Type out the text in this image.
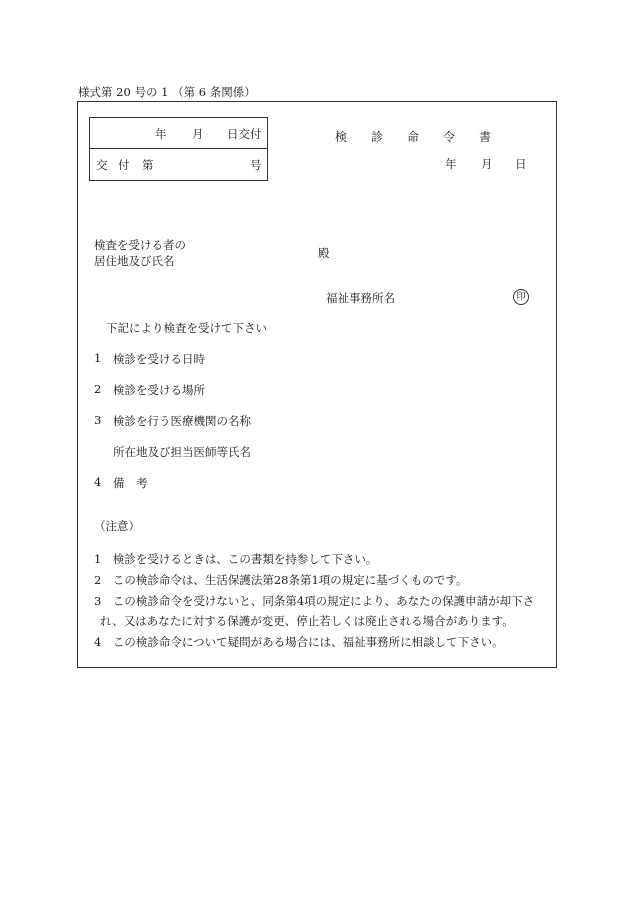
様式第 20 号の 1 （第 6 条関係）
年 月 日交付
交 付 第	号
検 診 命 令 書
年 月 日
検査を受ける者の
居住地及び氏名
殿
福祉事務所名	印
下記により検査を受けて下さい
1 検診を受ける日時
2 検診を受ける場所
3 検診を行う医療機関の名称
所在地及び担当医師等氏名
4 備　考
（注意）
1　検診を受けるときは、この書類を持参して下さい。
2　この検診命令は、生活保護法第28条第1項の規定に基づくものです。
3　この検診命令を受けないと、同条第4項の規定により、あなたの保護申請が却下さ
れ、又はあなたに対する保護が変更、停止若しくは廃止される場合があります。
4　この検診命令について疑問がある場合には、福祉事務所に相談して下さい。
